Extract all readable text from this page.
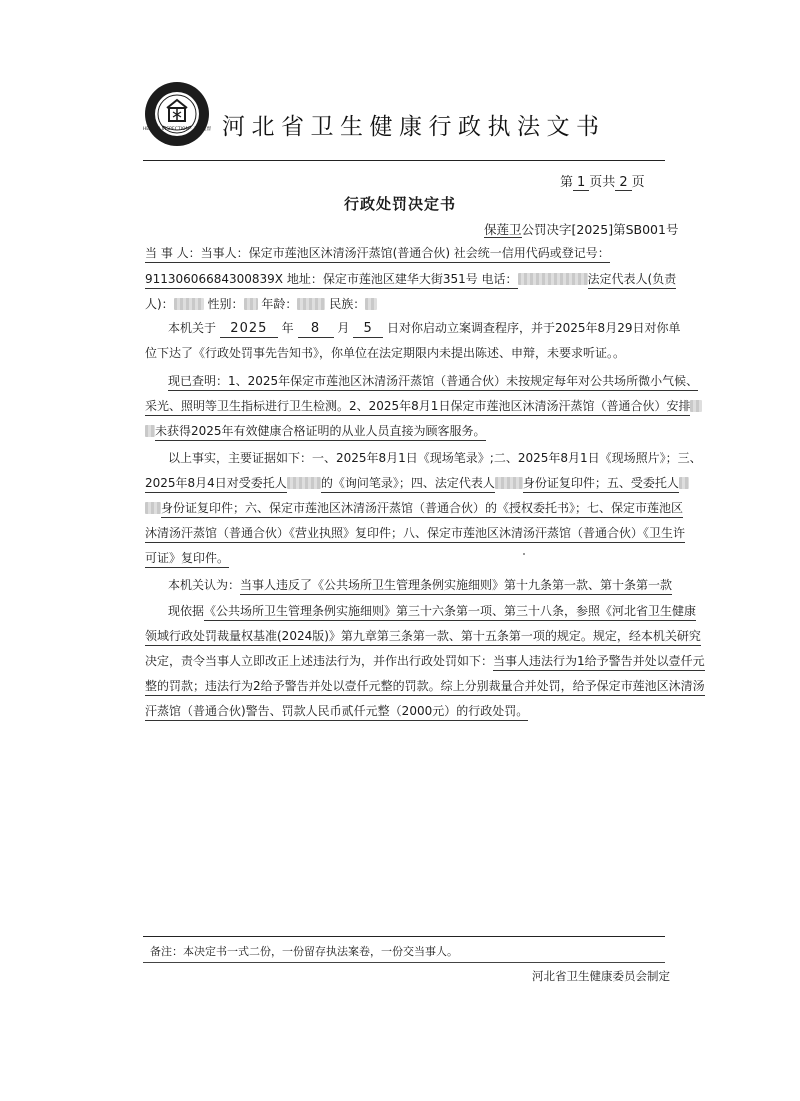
HEALTH INSPECTION · 卫生监督 河北省卫生健康行政执法文书
第 1 页共 2 页
行政处罚决定书
保莲卫公罚决字[2025]第SB001号
当 事 人：当事人：保定市莲池区沐清汤汗蒸馆(普通合伙) 社会统一信用代码或登记号：
91130606684300839X 地址：保定市莲池区建华大街351号 电话：	法定代表人(负责
人)：	性别： 年龄：	民族：
本机关于 2025 年 8 月 5 日对你启动立案调查程序，并于2025年8月29日对你单
位下达了《行政处罚事先告知书》，你单位在法定期限内未提出陈述、申辩，未要求听证。。
现已查明：1、2025年保定市莲池区沐清汤汗蒸馆（普通合伙）未按规定每年对公共场所微小气候、
采光、照明等卫生指标进行卫生检测。2、2025年8月1日保定市莲池区沐清汤汗蒸馆（普通合伙）安排
未获得2025年有效健康合格证明的从业人员直接为顾客服务。
以上事实，主要证据如下：一、2025年8月1日《现场笔录》;二、2025年8月1日《现场照片》；三、
2025年8月4日对受委托人	的《询问笔录》；四、法定代表人 身份证复印件；五、受委托人
身份证复印件；六、保定市莲池区沐清汤汗蒸馆（普通合伙）的《授权委托书》；七、保定市莲池区
沐清汤汗蒸馆（普通合伙）《营业执照》复印件；八、保定市莲池区沐清汤汗蒸馆（普通合伙）《卫生许
可证》复印件。
本机关认为：当事人违反了《公共场所卫生管理条例实施细则》第十九条第一款、第十条第一款
现依据《公共场所卫生管理条例实施细则》第三十六条第一项、第三十八条，参照《河北省卫生健康
领域行政处罚裁量权基准(2024版)》第九章第三条第一款、第十五条第一项的规定。规定，经本机关研究
决定，责令当事人立即改正上述违法行为，并作出行政处罚如下：当事人违法行为1给予警告并处以壹仟元
整的罚款；违法行为2给予警告并处以壹仟元整的罚款。综上分别裁量合并处罚，给予保定市莲池区沐清汤
汗蒸馆（普通合伙)警告、罚款人民币贰仟元整（2000元）的行政处罚。
备注：本决定书一式二份，一份留存执法案卷，一份交当事人。
河北省卫生健康委员会制定
